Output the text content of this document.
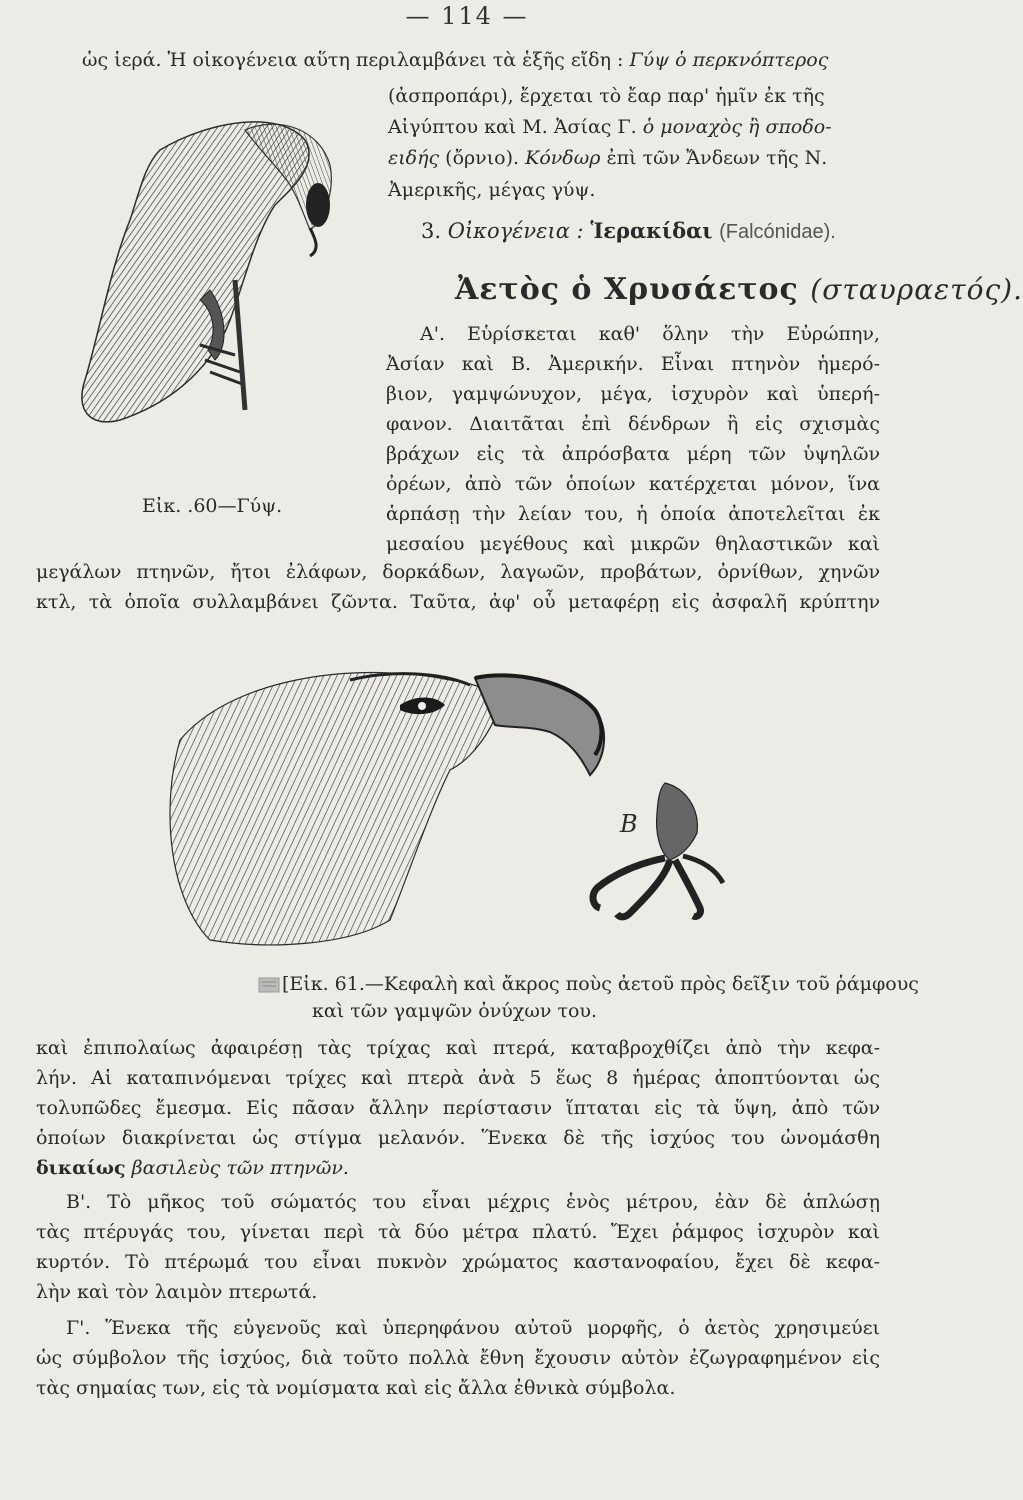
— 114 —
ὡς ἱερά. Ἡ οἰκογένεια αὕτη περιλαμβάνει τὰ ἑξῆς εἴδη : Γύψ ὁ περκνόπτερος
(ἀσπροπάρι), ἔρχεται τὸ ἔαρ παρ' ἡμῖν ἐκ τῆς
Αἰγύπτου καὶ Μ. Ἀσίας Γ. ὁ μοναχὸς ἢ σποδο-
ειδής (ὄρνιο). Κόνδωρ ἐπὶ τῶν Ἄνδεων τῆς Ν.
Ἀμερικῆς, μέγας γύψ.
3. Οἰκογένεια : Ἱερακίδαι (Falcónidae).
Ἀετὸς ὁ Χρυσάετος (σταυραετός).
Εἰκ. .60—Γύψ.
Α'. Εὑρίσκεται καθ' ὅλην τὴν Εὐρώπην,
Ἀσίαν καὶ Β. Ἀμερικήν. Εἶναι πτηνὸν ἡμερό-
βιον, γαμψώνυχον, μέγα, ἰσχυρὸν καὶ ὑπερή-
φανον. Διαιτᾶται ἐπὶ δένδρων ἢ εἰς σχισμὰς
βράχων εἰς τὰ ἀπρόσβατα μέρη τῶν ὑψηλῶν
ὀρέων, ἀπὸ τῶν ὁποίων κατέρχεται μόνον, ἵνα
ἁρπάσῃ τὴν λείαν του, ἡ ὁποία ἀποτελεῖται ἐκ
μεσαίου μεγέθους καὶ μικρῶν θηλαστικῶν καὶ
μεγάλων πτηνῶν, ἤτοι ἐλάφων, δορκάδων, λαγωῶν, προβάτων, ὀρνίθων, χηνῶν
κτλ, τὰ ὁποῖα συλλαμβάνει ζῶντα. Ταῦτα, ἀφ' οὗ μεταφέρῃ εἰς ἀσφαλῆ κρύπτην
B
[Εἰκ. 61.—Κεφαλὴ καὶ ἄκρος ποὺς ἀετοῦ πρὸς δεῖξιν τοῦ ῥάμφους
καὶ τῶν γαμψῶν ὀνύχων του.
καὶ ἐπιπολαίως ἀφαιρέσῃ τὰς τρίχας καὶ πτερά, καταβροχθίζει ἀπὸ τὴν κεφα-
λήν. Αἱ καταπινόμεναι τρίχες καὶ πτερὰ ἀνὰ 5 ἕως 8 ἡμέρας ἀποπτύονται ὡς
τολυπῶδες ἔμεσμα. Εἰς πᾶσαν ἄλλην περίστασιν ἵπταται εἰς τὰ ὕψη, ἀπὸ τῶν
ὁποίων διακρίνεται ὡς στίγμα μελανόν. Ἕνεκα δὲ τῆς ἰσχύος του ὠνομάσθη
δικαίως βασιλεὺς τῶν πτηνῶν.
Β'. Τὸ μῆκος τοῦ σώματός του εἶναι μέχρις ἑνὸς μέτρου, ἐὰν δὲ ἁπλώσῃ
τὰς πτέρυγάς του, γίνεται περὶ τὰ δύο μέτρα πλατύ. Ἔχει ῥάμφος ἰσχυρὸν καὶ
κυρτόν. Τὸ πτέρωμά του εἶναι πυκνὸν χρώματος καστανοφαίου, ἔχει δὲ κεφα-
λὴν καὶ τὸν λαιμὸν πτερωτά.
Γ'. Ἕνεκα τῆς εὐγενοῦς καὶ ὑπερηφάνου αὐτοῦ μορφῆς, ὁ ἀετὸς χρησιμεύει
ὡς σύμβολον τῆς ἰσχύος, διὰ τοῦτο πολλὰ ἔθνη ἔχουσιν αὐτὸν ἐζωγραφημένον εἰς
τὰς σημαίας των, εἰς τὰ νομίσματα καὶ εἰς ἄλλα ἐθνικὰ σύμβολα.
